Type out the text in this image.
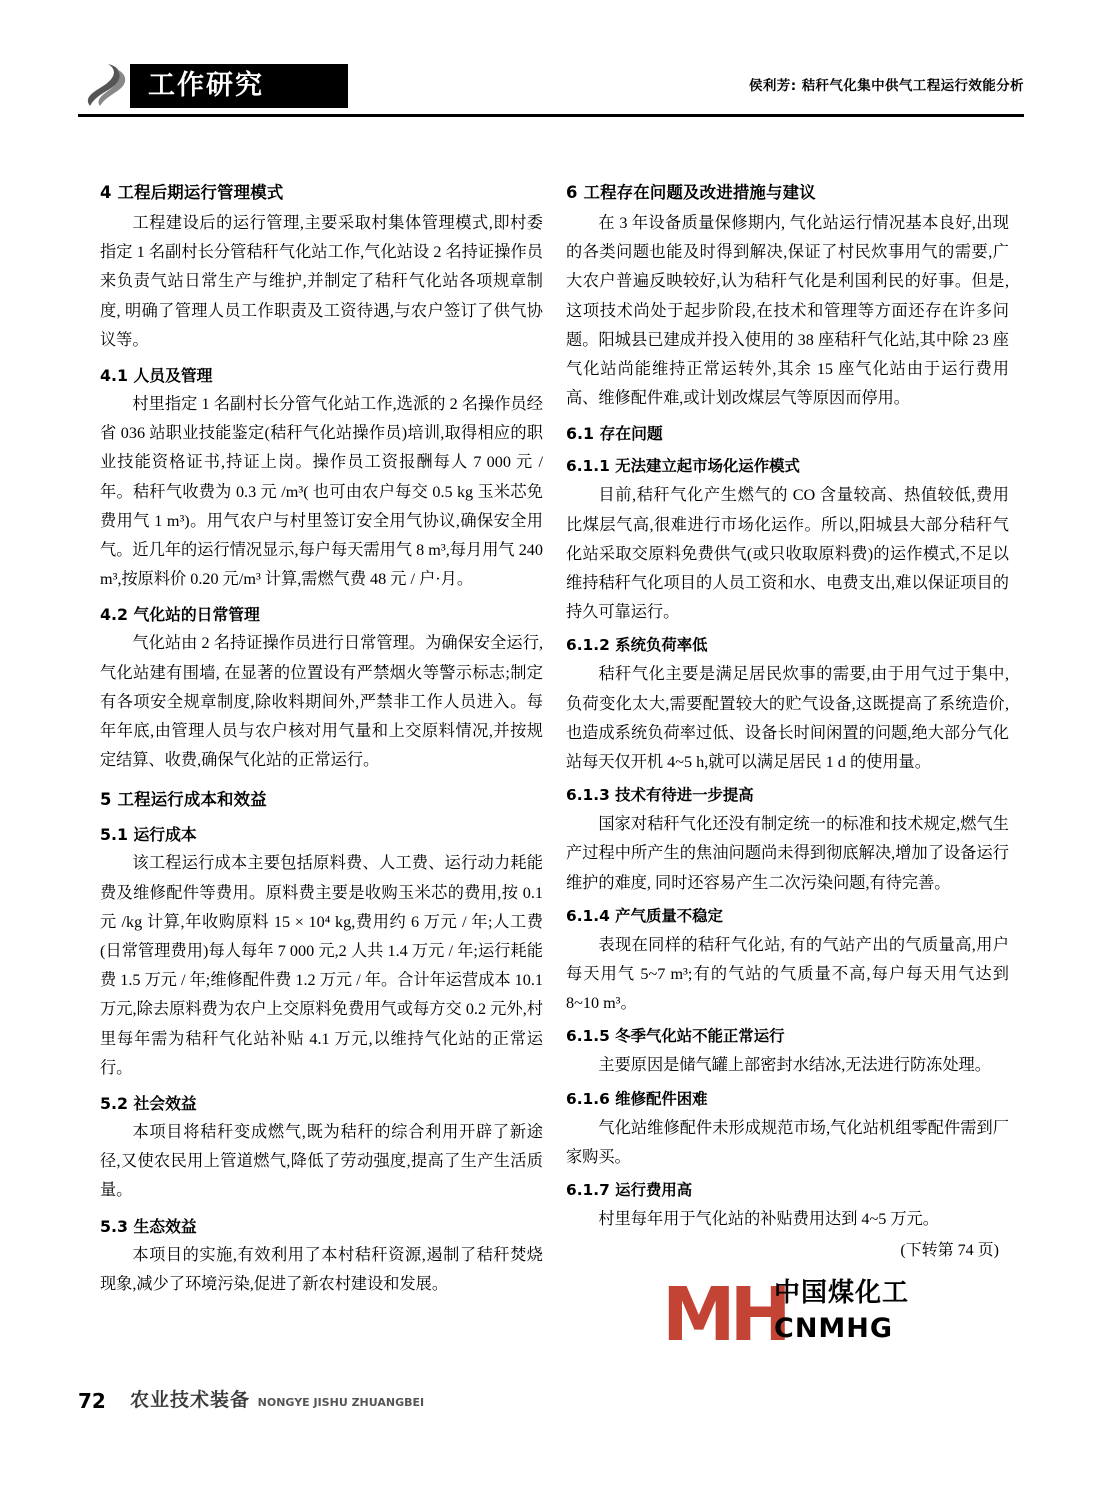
工作研究	侯利芳: 秸秆气化集中供气工程运行效能分析
4 工程后期运行管理模式

工程建设后的运行管理,主要采取村集体管理模式,即村委指定 1 名副村长分管秸秆气化站工作,气化站设 2 名持证操作员来负责气站日常生产与维护,并制定了秸秆气化站各项规章制度, 明确了管理人员工作职责及工资待遇,与农户签订了供气协议等。

4.1 人员及管理

村里指定 1 名副村长分管气化站工作,选派的 2 名操作员经省 036 站职业技能鉴定(秸秆气化站操作员)培训,取得相应的职业技能资格证书,持证上岗。操作员工资报酬每人 7 000 元 / 年。秸秆气收费为 0.3 元 /m³( 也可由农户每交 0.5 kg 玉米芯免费用气 1 m³)。用气农户与村里签订安全用气协议,确保安全用气。近几年的运行情况显示,每户每天需用气 8 m³,每月用气 240 m³,按原料价 0.20 元/m³ 计算,需燃气费 48 元 / 户·月。

4.2 气化站的日常管理

气化站由 2 名持证操作员进行日常管理。为确保安全运行, 气化站建有围墙, 在显著的位置设有严禁烟火等警示标志;制定有各项安全规章制度,除收料期间外,严禁非工作人员进入。每年年底,由管理人员与农户核对用气量和上交原料情况,并按规定结算、收费,确保气化站的正常运行。

5 工程运行成本和效益
5.1 运行成本

该工程运行成本主要包括原料费、人工费、运行动力耗能费及维修配件等费用。原料费主要是收购玉米芯的费用,按 0.1 元 /kg 计算,年收购原料 15 × 10⁴ kg,费用约 6 万元 / 年;人工费(日常管理费用)每人每年 7 000 元,2 人共 1.4 万元 / 年;运行耗能费 1.5 万元 / 年;维修配件费 1.2 万元 / 年。合计年运营成本 10.1 万元,除去原料费为农户上交原料免费用气或每方交 0.2 元外,村里每年需为秸秆气化站补贴 4.1 万元,以维持气化站的正常运行。

5.2 社会效益

本项目将秸秆变成燃气,既为秸秆的综合利用开辟了新途径,又使农民用上管道燃气,降低了劳动强度,提高了生产生活质量。

5.3 生态效益

本项目的实施,有效利用了本村秸秆资源,遏制了秸秆焚烧现象,减少了环境污染,促进了新农村建设和发展。

6 工程存在问题及改进措施与建议

在 3 年设备质量保修期内, 气化站运行情况基本良好,出现的各类问题也能及时得到解决,保证了村民炊事用气的需要,广大农户普遍反映较好,认为秸秆气化是利国利民的好事。但是,这项技术尚处于起步阶段,在技术和管理等方面还存在许多问题。阳城县已建成并投入使用的 38 座秸秆气化站,其中除 23 座气化站尚能维持正常运转外,其余 15 座气化站由于运行费用高、维修配件难,或计划改煤层气等原因而停用。

6.1 存在问题
6.1.1 无法建立起市场化运作模式

目前,秸秆气化产生燃气的 CO 含量较高、热值较低,费用比煤层气高,很难进行市场化运作。所以,阳城县大部分秸秆气化站采取交原料免费供气(或只收取原料费)的运作模式,不足以维持秸秆气化项目的人员工资和水、电费支出,难以保证项目的持久可靠运行。

6.1.2 系统负荷率低

秸秆气化主要是满足居民炊事的需要,由于用气过于集中,负荷变化太大,需要配置较大的贮气设备,这既提高了系统造价,也造成系统负荷率过低、设备长时间闲置的问题,绝大部分气化站每天仅开机 4~5 h,就可以满足居民 1 d 的使用量。

6.1.3 技术有待进一步提高

国家对秸秆气化还没有制定统一的标准和技术规定,燃气生产过程中所产生的焦油问题尚未得到彻底解决,增加了设备运行维护的难度, 同时还容易产生二次污染问题,有待完善。

6.1.4 产气质量不稳定

表现在同样的秸秆气化站, 有的气站产出的气质量高,用户每天用气 5~7 m³;有的气站的气质量不高,每户每天用气达到 8~10 m³。

6.1.5 冬季气化站不能正常运行

主要原因是储气罐上部密封水结冰,无法进行防冻处理。

6.1.6 维修配件困难

气化站维修配件未形成规范市场,气化站机组零配件需到厂家购买。

6.1.7 运行费用高

村里每年用于气化站的补贴费用达到 4~5 万元。

(下转第 74 页)

MH
中国煤化工
CNMHG
72 农业技术装备 NONGYE JISHU ZHUANGBEI
